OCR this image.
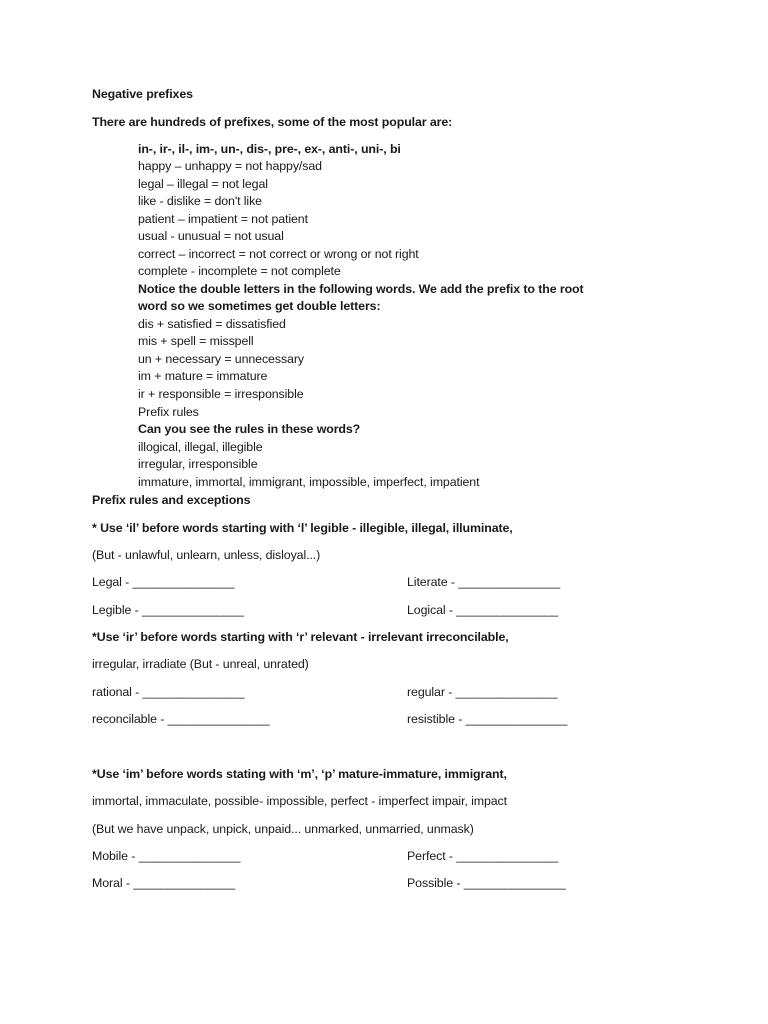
Negative prefixes
There are hundreds of prefixes, some of the most popular are:
in-, ir-, il-, im-, un-, dis-, pre-, ex-, anti-, uni-, bi
happy – unhappy = not happy/sad
legal – illegal = not legal
like - dislike = don't like
patient – impatient = not patient
usual - unusual = not usual
correct – incorrect = not correct or wrong or not right
complete - incomplete = not complete
Notice the double letters in the following words. We add the prefix to the root
word so we sometimes get double letters:
dis + satisfied = dissatisfied
mis + spell = misspell
un + necessary = unnecessary
im + mature = immature
ir + responsible = irresponsible
Prefix rules
Can you see the rules in these words?
illogical, illegal, illegible
irregular, irresponsible
immature, immortal, immigrant, impossible, imperfect, impatient
Prefix rules and exceptions
* Use ‘il’ before words starting with ‘l’ legible - illegible, illegal, illuminate,
(But - unlawful, unlearn, unless, disloyal...)
Legal - _______________	Literate - _______________
Legible - _______________	Logical - _______________
*Use ‘ir’ before words starting with ‘r’ relevant - irrelevant irreconcilable,
irregular, irradiate (But - unreal, unrated)
rational - _______________	regular - _______________
reconcilable - _______________	resistible - _______________
*Use ‘im’ before words stating with ‘m’, ‘p’ mature-immature, immigrant,
immortal, immaculate, possible- impossible, perfect - imperfect impair, impact
(But we have unpack, unpick, unpaid... unmarked, unmarried, unmask)
Mobile - _______________	Perfect - _______________
Moral - _______________	Possible - _______________
